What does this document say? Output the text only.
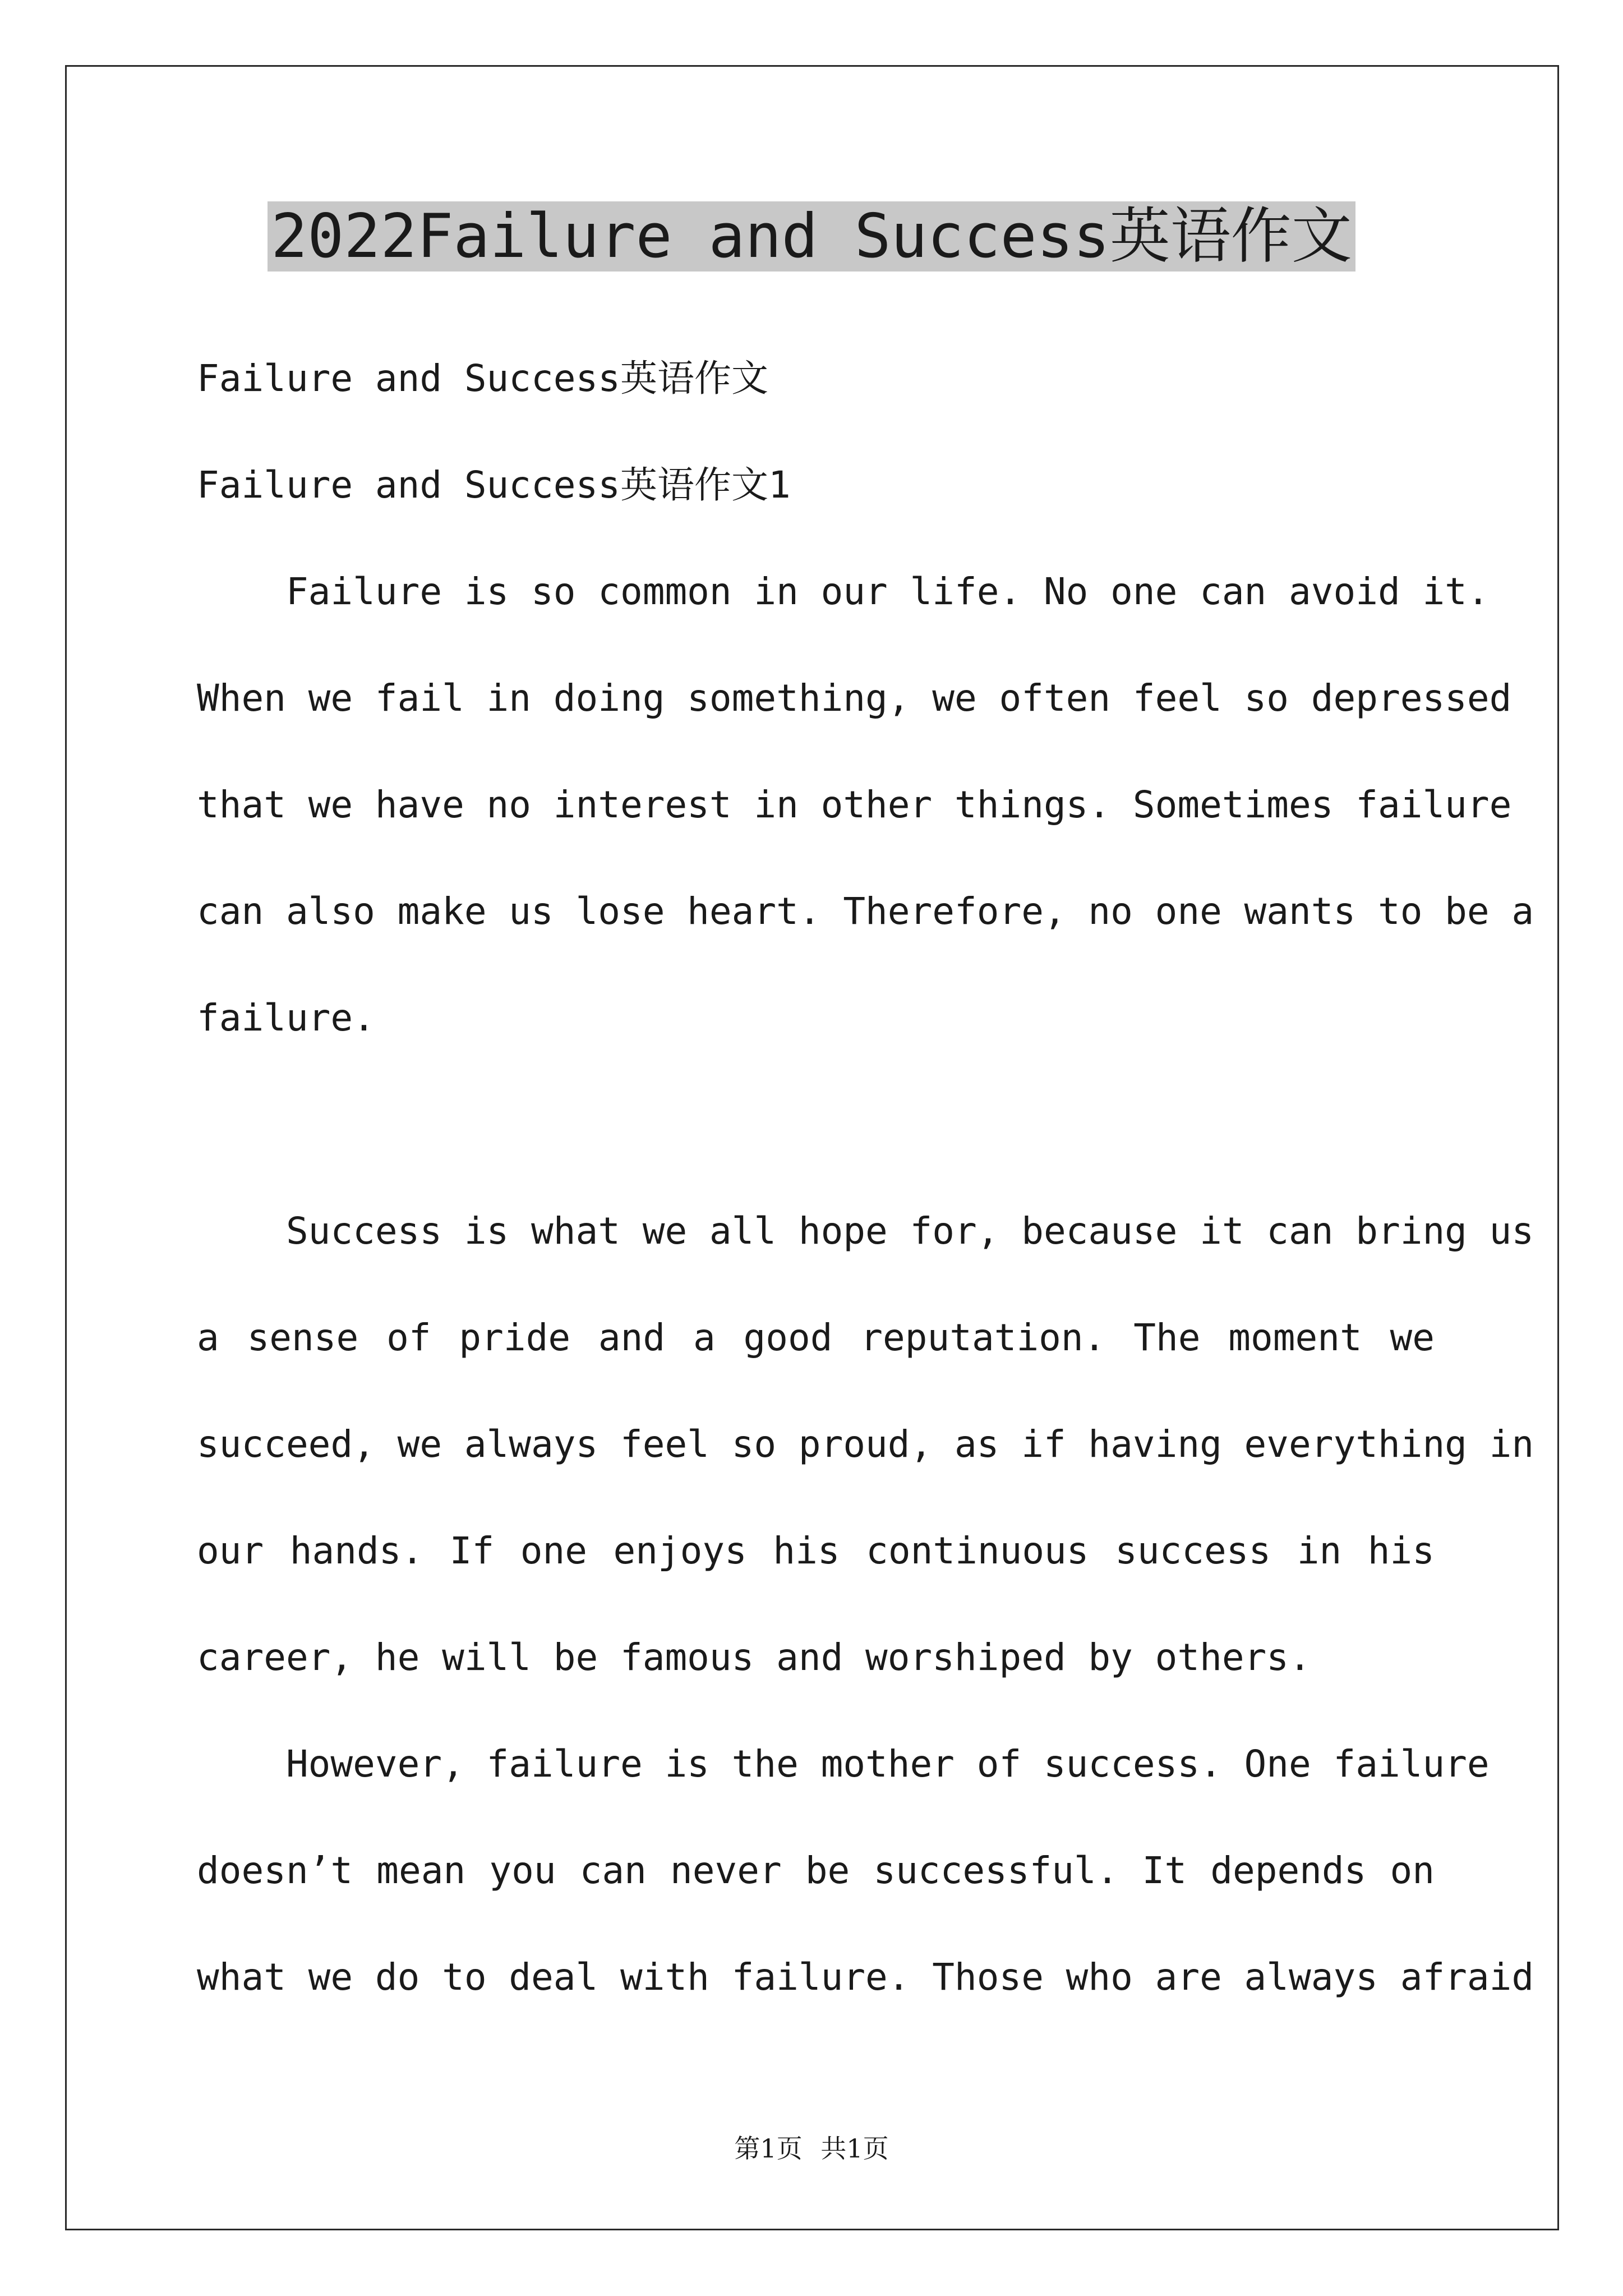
2022Failure and Success英语作文

Failure and Success英语作文

Failure and Success英语作文1

Failure is so common in our life. No one can avoid it.

When we fail in doing something, we often feel so depressed

that we have no interest in other things. Sometimes failure

can also make us lose heart. Therefore, no one wants to be a

failure.

Success is what we all hope for, because it can bring us

a sense of pride and a good reputation. The moment we

succeed, we always feel so proud, as if having everything in

our hands. If one enjoys his continuous success in his

career, he will be famous and worshiped by others.

However, failure is the mother of success. One failure

doesn’t mean you can never be successful. It depends on

what we do to deal with failure. Those who are always afraid

第1页 共1页
